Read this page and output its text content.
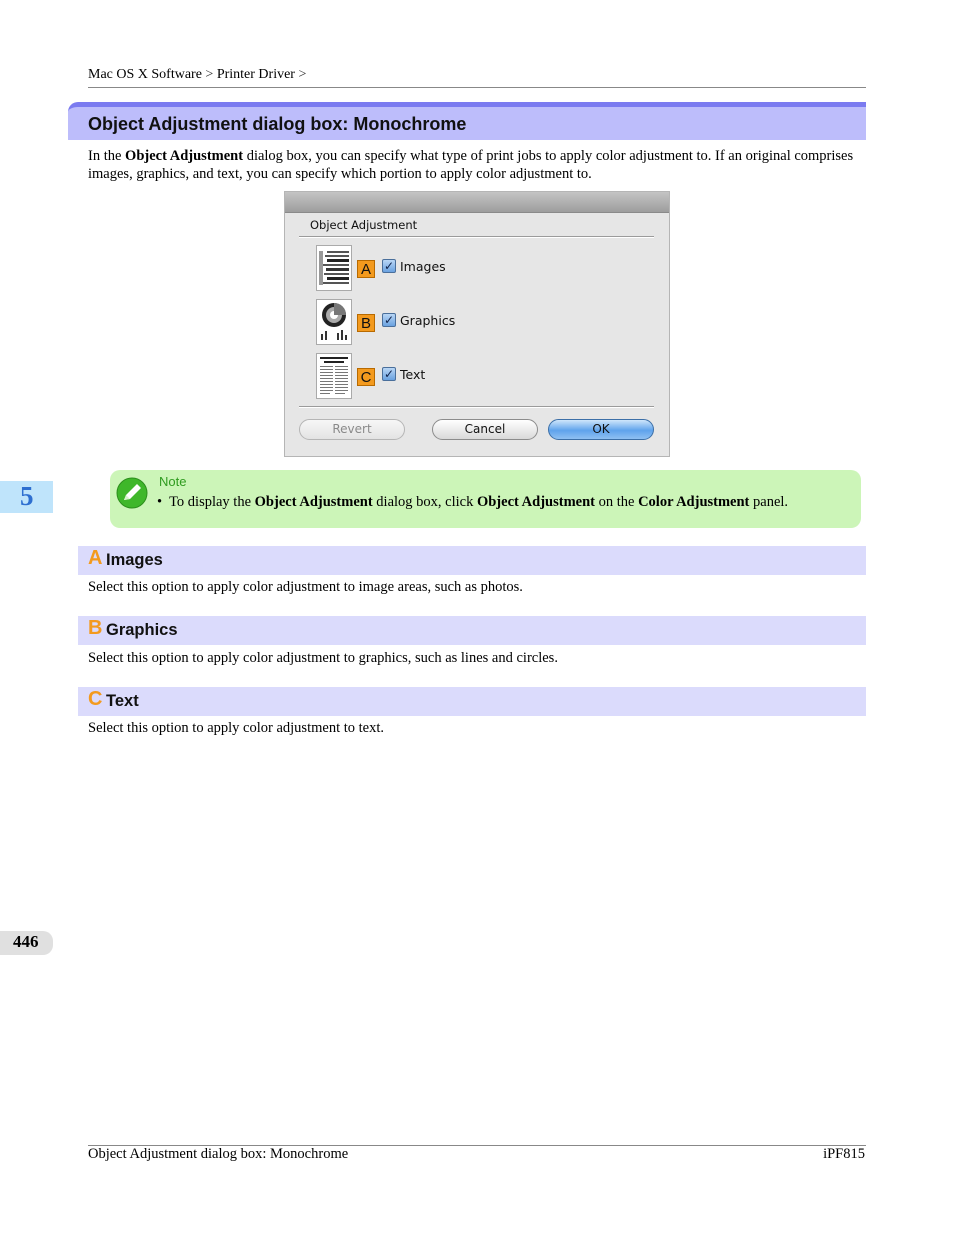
Mac OS X Software > Printer Driver >
Object Adjustment dialog box: Monochrome
In the Object Adjustment dialog box, you can specify what type of print jobs to apply color adjustment to. If an original comprises images, graphics, and text, you can specify which portion to apply color adjustment to.
Object Adjustment
A	✓ Images
B	✓ Graphics
C ✓ Text
Revert	Cancel	OK
5	Note
• To display the Object Adjustment dialog box, click Object Adjustment on the Color Adjustment panel.
A Images
Select this option to apply color adjustment to image areas, such as photos.
B Graphics
Select this option to apply color adjustment to graphics, such as lines and circles.
C Text
Select this option to apply color adjustment to text.
446
Object Adjustment dialog box: Monochrome	iPF815
